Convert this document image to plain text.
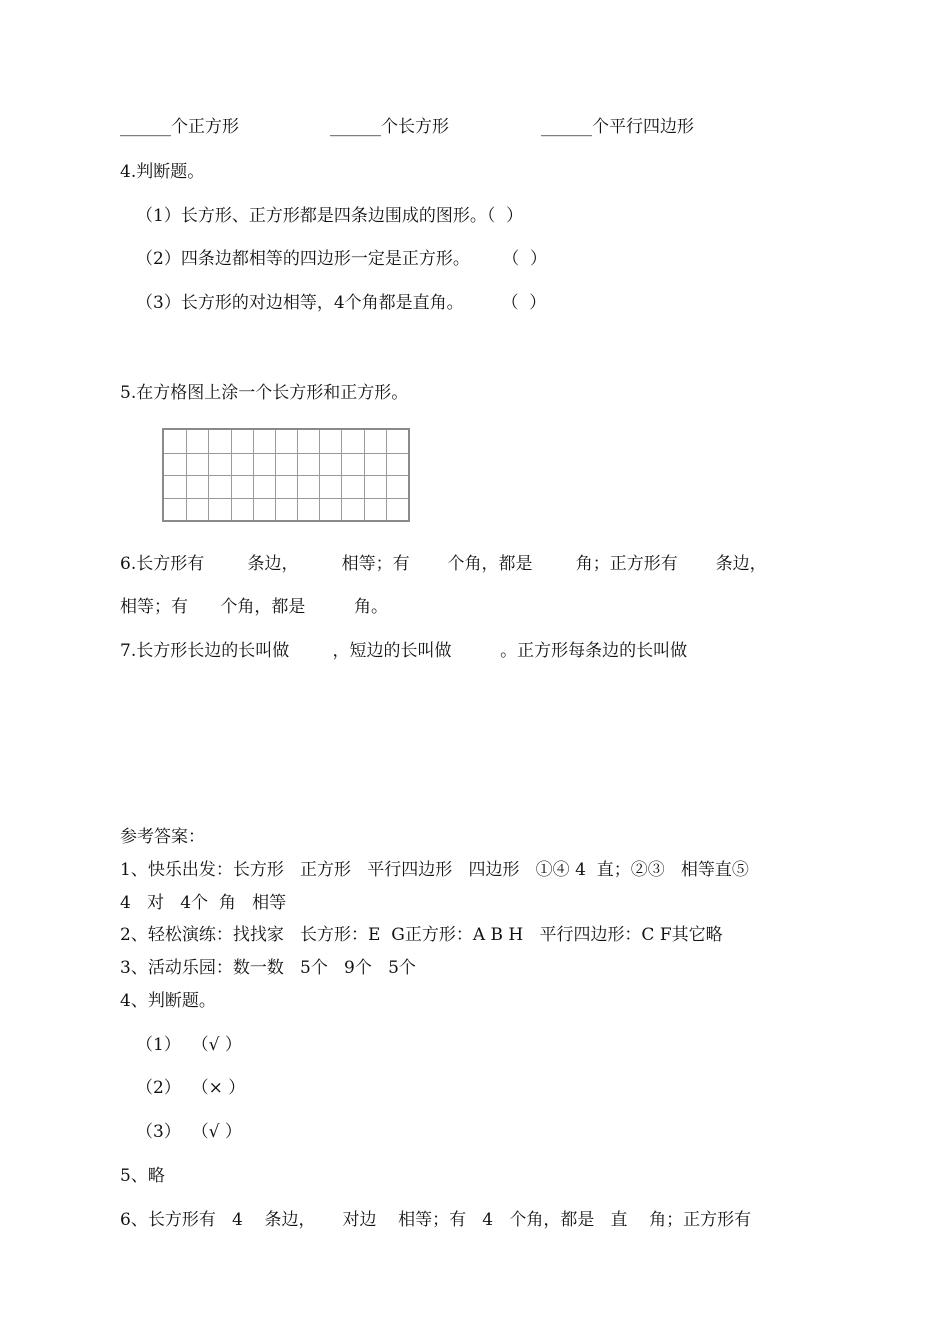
______个正方形	______个长方形	______个平行四边形
4.判断题。
（1）长方形、正方形都是四条边围成的图形。（  ）
（2）四条边都相等的四边形一定是正方形。      （  ）
（3）长方形的对边相等，4个角都是直角。       （  ）
5.在方格图上涂一个长方形和正方形。
6.长方形有        条边，        相等；有       个角，都是        角；正方形有       条边，
相等；有      个角，都是         角。
7.长方形长边的长叫做        ，短边的长叫做         。正方形每条边的长叫做
参考答案：
1、快乐出发：长方形   正方形   平行四边形   四边形   ①④ 4  直；②③   相等直⑤
4   对   4个  角   相等
2、轻松演练：找找家   长方形：E  G正方形：A B H   平行四边形：C F其它略
3、活动乐园：数一数   5个   9个   5个
4、判断题。
（1）  （√ ）
（2）  （× ）
（3）  （√ ）
5、略
6、长方形有   4    条边，     对边    相等；有   4   个角，都是   直    角；正方形有
